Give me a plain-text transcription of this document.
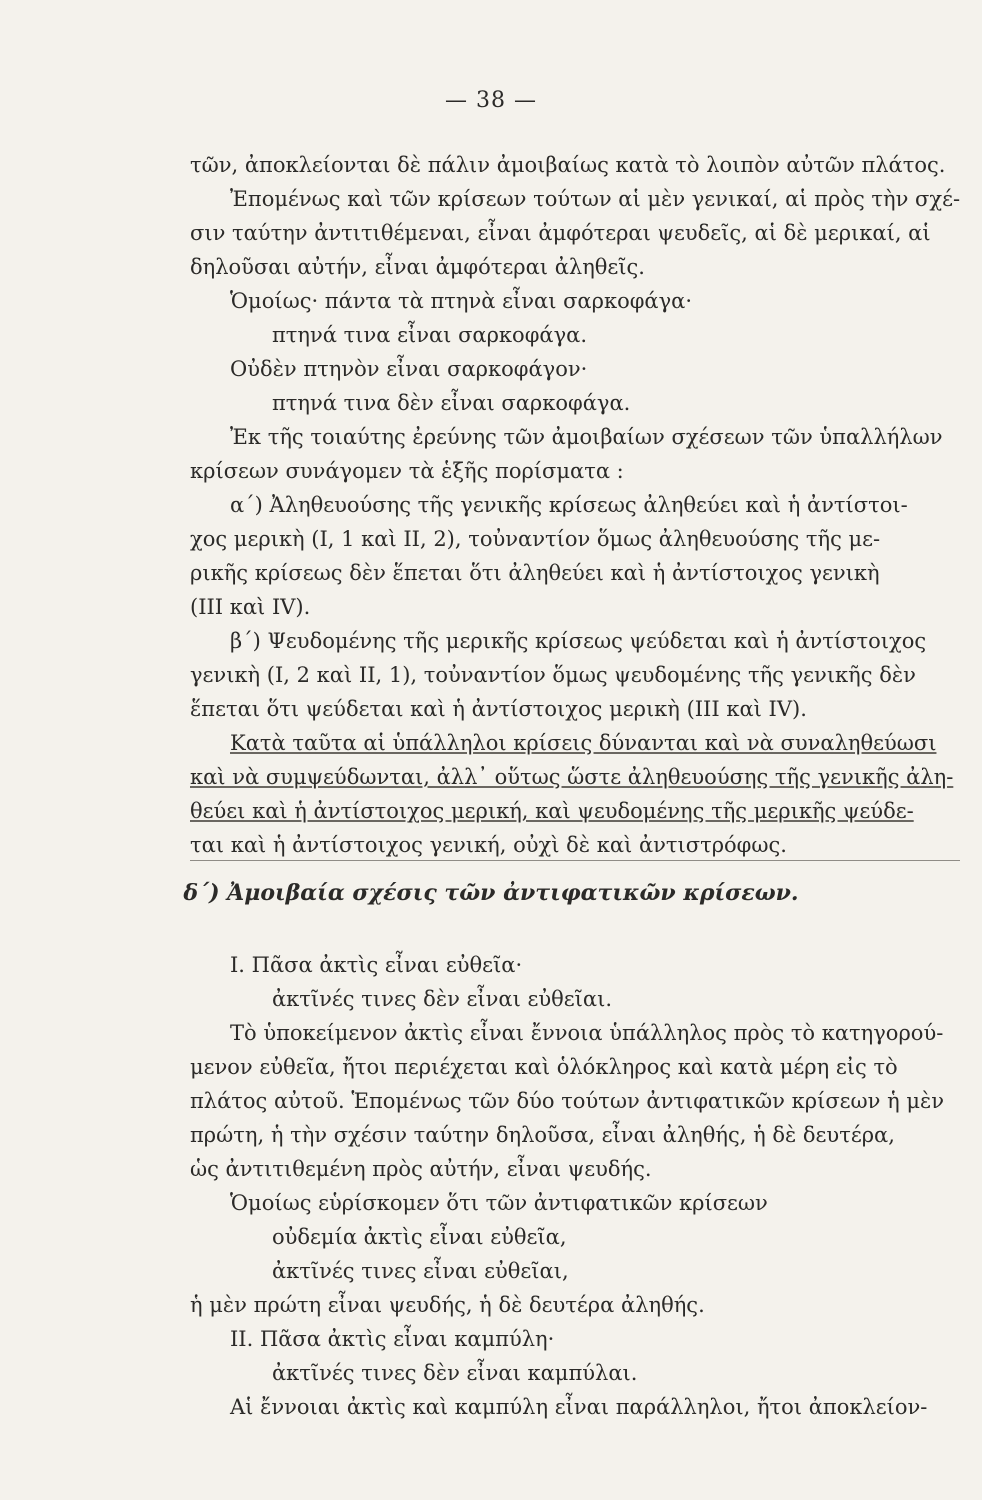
— 38 —
τῶν, ἀποκλείονται δὲ πάλιν ἀμοιβαίως κατὰ τὸ λοιπὸν αὐτῶν πλάτος.
Ἐπομένως καὶ τῶν κρίσεων τούτων αἱ μὲν γενικαί, αἱ πρὸς τὴν σχέ-
σιν ταύτην ἀντιτιθέμεναι, εἶναι ἀμφότεραι ψευδεῖς, αἱ δὲ μερικαί, αἱ
δηλοῦσαι αὐτήν, εἶναι ἀμφότεραι ἀληθεῖς.
Ὁμοίως· πάντα τὰ πτηνὰ εἶναι σαρκοφάγα·
πτηνά τινα εἶναι σαρκοφάγα.
Οὐδὲν πτηνὸν εἶναι σαρκοφάγον·
πτηνά τινα δὲν εἶναι σαρκοφάγα.
Ἐκ τῆς τοιαύτης ἐρεύνης τῶν ἀμοιβαίων σχέσεων τῶν ὑπαλλήλων
κρίσεων συνάγομεν τὰ ἑξῆς πορίσματα :
α΄) Ἀληθευούσης τῆς γενικῆς κρίσεως ἀληθεύει καὶ ἡ ἀντίστοι-
χος μερικὴ (Ι, 1 καὶ ΙΙ, 2), τοὐναντίον ὅμως ἀληθευούσης τῆς με-
ρικῆς κρίσεως δὲν ἕπεται ὅτι ἀληθεύει καὶ ἡ ἀντίστοιχος γενικὴ
(ΙΙΙ καὶ IV).
β΄) Ψευδομένης τῆς μερικῆς κρίσεως ψεύδεται καὶ ἡ ἀντίστοιχος
γενικὴ (Ι, 2 καὶ ΙΙ, 1), τοὐναντίον ὅμως ψευδομένης τῆς γενικῆς δὲν
ἕπεται ὅτι ψεύδεται καὶ ἡ ἀντίστοιχος μερικὴ (ΙΙΙ καὶ IV).
Κατὰ ταῦτα αἱ ὑπάλληλοι κρίσεις δύνανται καὶ νὰ συναληθεύωσι
καὶ νὰ συμψεύδωνται, ἀλλ᾽ οὕτως ὥστε ἀληθευούσης τῆς γενικῆς ἀλη-
θεύει καὶ ἡ ἀντίστοιχος μερική, καὶ ψευδομένης τῆς μερικῆς ψεύδε-
ται καὶ ἡ ἀντίστοιχος γενική, οὐχὶ δὲ καὶ ἀντιστρόφως.
δ΄) Ἀμοιβαία σχέσις τῶν ἀντιφατικῶν κρίσεων.
Ι. Πᾶσα ἀκτὶς εἶναι εὐθεῖα·
ἀκτῖνές τινες δὲν εἶναι εὐθεῖαι.
Τὸ ὑποκείμενον ἀκτὶς εἶναι ἔννοια ὑπάλληλος πρὸς τὸ κατηγορού-
μενον εὐθεῖα, ἤτοι περιέχεται καὶ ὁλόκληρος καὶ κατὰ μέρη εἰς τὸ
πλάτος αὐτοῦ. Ἑπομένως τῶν δύο τούτων ἀντιφατικῶν κρίσεων ἡ μὲν
πρώτη, ἡ τὴν σχέσιν ταύτην δηλοῦσα, εἶναι ἀληθής, ἡ δὲ δευτέρα,
ὡς ἀντιτιθεμένη πρὸς αὐτήν, εἶναι ψευδής.
Ὁμοίως εὑρίσκομεν ὅτι τῶν ἀντιφατικῶν κρίσεων
οὐδεμία ἀκτὶς εἶναι εὐθεῖα,
ἀκτῖνές τινες εἶναι εὐθεῖαι,
ἡ μὲν πρώτη εἶναι ψευδής, ἡ δὲ δευτέρα ἀληθής.
ΙΙ. Πᾶσα ἀκτὶς εἶναι καμπύλη·
ἀκτῖνές τινες δὲν εἶναι καμπύλαι.
Αἱ ἔννοιαι ἀκτὶς καὶ καμπύλη εἶναι παράλληλοι, ἤτοι ἀποκλείον-
